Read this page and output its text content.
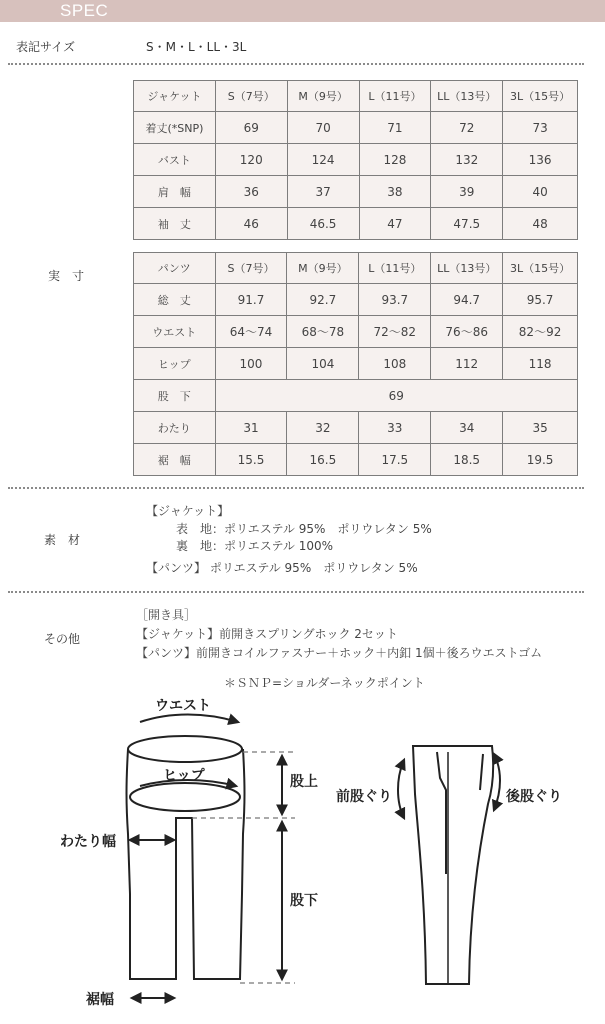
SPEC
表記サイズ	S・M・L・LL・3L
実　寸
ジャケット	S（7号）	M（9号）	L（11号）	LL（13号）	3L（15号）
着丈(*SNP)	69	70	71	72	73
バスト	120	124	128	132	136
肩　幅	36	37	38	39	40
袖　丈	46	46.5	47	47.5	48
パンツ	S（7号）	M（9号）	L（11号）	LL（13号）	3L（15号）
総　丈	91.7	92.7	93.7	94.7	95.7
ウエスト	64〜74	68〜78	72〜82	76〜86	82〜92
ヒップ	100	104	108	112	118
股　下	69				
わたり	31	32	33	34	35
裾　幅	15.5	16.5	17.5	18.5	19.5
素　材
【ジャケット】
表　地：ポリエステル 95%　ポリウレタン 5%
裏　地：ポリエステル 100%
【パンツ】 ポリエステル 95%　ポリウレタン 5%
その他
［開き具］
【ジャケット】前開きスプリングホック 2セット
【パンツ】前開きコイルファスナー＋ホック＋内釦 1個＋後ろウエストゴム
＊ＳＮＰ=ショルダーネックポイント
ウエスト
ヒップ	股上
股下
わたり幅
裾幅
前股ぐり	後股ぐり
